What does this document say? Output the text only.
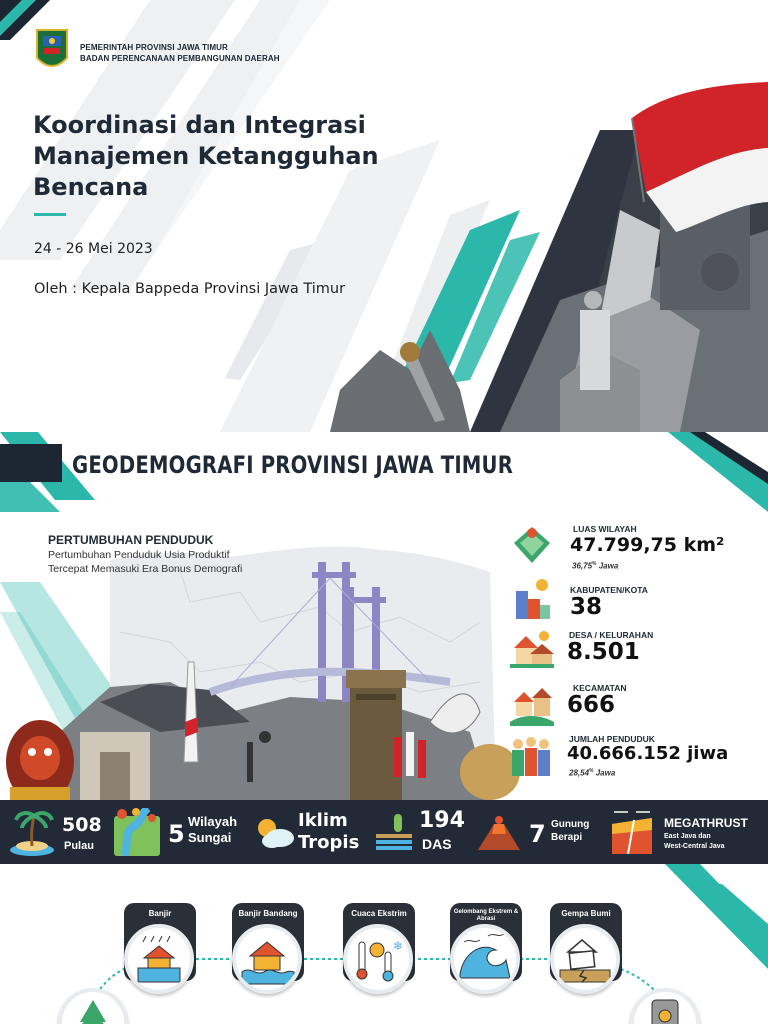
PEMERINTAH PROVINSI JAWA TIMUR
BADAN PERENCANAAN PEMBANGUNAN DAERAH
Koordinasi dan Integrasi
Manajemen Ketangguhan
Bencana
24 - 26 Mei 2023
Oleh : Kepala Bappeda Provinsi Jawa Timur
GEODEMOGRAFI PROVINSI JAWA TIMUR
PERTUMBUHAN PENDUDUK
Pertumbuhan Penduduk Usia Produktif
Tercepat Memasuki Era Bonus Demografi
LUAS WILAYAH
47.799,75 km²
36,75% Jawa
KABUPATEN/KOTA
38
DESA / KELURAHAN
8.501
KECAMATAN
666
JUMLAH PENDUDUK
40.666.152 jiwa
28,54% Jawa
508
Pulau	5 Wilayah
Sungai
Iklim
Tropis
194
DAS	7 Gunung
Berapi
MEGATHRUST
East Java dan
West-Central Java
Banjir	Banjir Bandang	Cuaca Ekstrim
❄
Gelombang Ekstrem & Abrasi
Gempa Bumi
